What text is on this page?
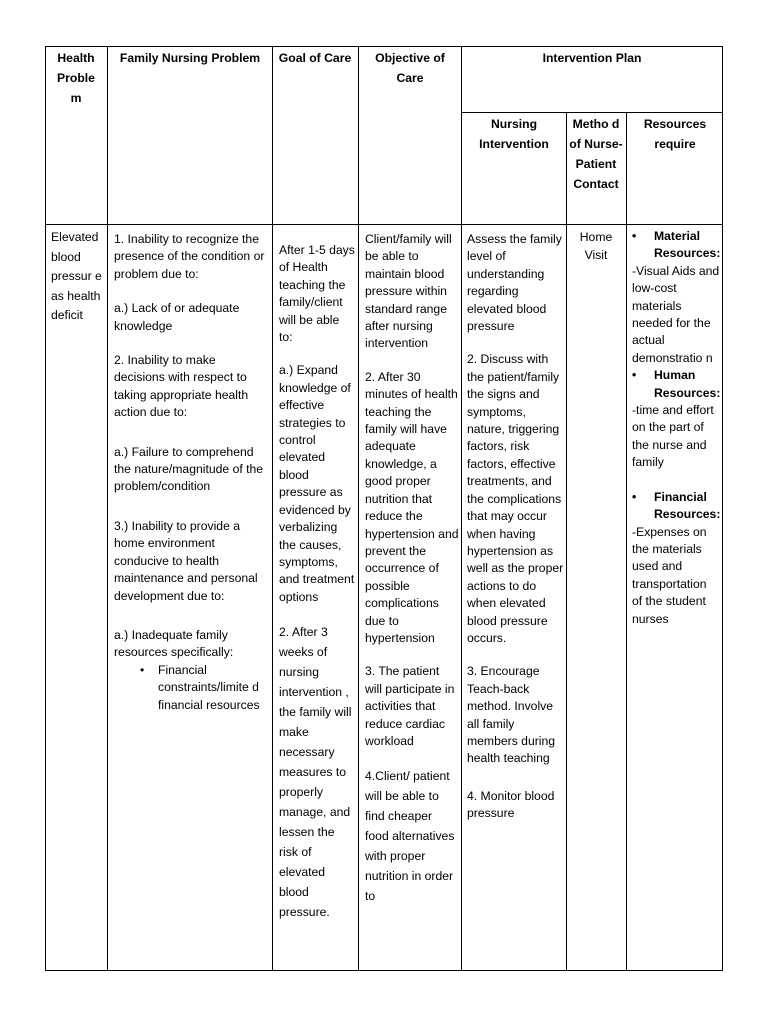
Health Proble m
Family Nursing Problem	Goal of Care	Objective of Care
Intervention Plan
Nursing Intervention
Metho d of Nurse-Patient Contact
Resources require
Elevated blood pressur e as health deficit

1. Inability to recognize the presence of the condition or problem due to:

a.) Lack of or adequate knowledge

2. Inability to make decisions with respect to taking appropriate health action due to:

a.) Failure to comprehend the nature/magnitude of the problem/condition

3.) Inability to provide a home environment conducive to health maintenance and personal development due to:

a.) Inadequate family resources specifically:

• Financial constraints/limite d financial resources

After 1-5 days of Health teaching the family/client will be able to:

a.) Expand knowledge of effective strategies to control elevated blood pressure as evidenced by verbalizing the causes, symptoms, and treatment options

2. After 3 weeks of nursing intervention , the family will make necessary measures to properly manage, and lessen the risk of elevated blood pressure.

Client/family will be able to maintain blood pressure within standard range after nursing intervention

2. After 30 minutes of health teaching the family will have adequate knowledge, a good proper nutrition that reduce the hypertension and prevent the occurrence of possible complications due to hypertension

3. The patient will participate in activities that reduce cardiac workload

4.Client/ patient will be able to find cheaper food alternatives with proper nutrition in order to

Assess the family level of understanding regarding elevated blood pressure

2. Discuss with the patient/family the signs and symptoms, nature, triggering factors, risk factors, effective treatments, and the complications that may occur when having hypertension as well as the proper actions to do when elevated blood pressure occurs.

3. Encourage Teach-back method. Involve all family members during health teaching

4. Monitor blood pressure

Home Visit
• Material Resources:

-Visual Aids and low-cost materials needed for the actual demonstratio n

• Human Resources:

-time and effort on the part of the nurse and family

• Financial Resources:

-Expenses on the materials used and transportation of the student nurses
